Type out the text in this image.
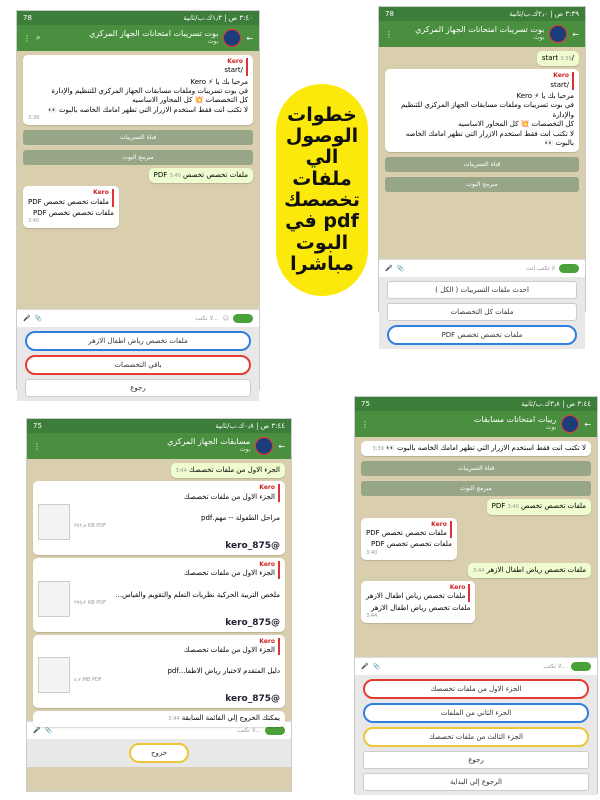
خطوات الوصول الي ملفات تخصصك pdf في البوت مباشرا
78	٣:٤٠ ص | ١٫٣ك.ب/ثانية
⋮ ⌕	بوت تسريبات امتحانات الجهاز المركزي
بوت	←
Kero
/start
مرحبا بك يا ⚡ Kero
في بوت تسريبات وملفات مسابقات الجهاز المركزي للتنظيم والإدارة
كل التخصصات 💥 كل المحاور الاساسيه
لا تكتب انت فقط استخدم الازرار التي تظهر امامك الخاصه بالبوت 👀
3:39
قناة التسريبات
مبرمج البوت
ملفات تخصص تخصص PDF 3:40
Kero
ملفات تخصص تخصص PDF
ملفات تخصص تخصص PDF
3:40
🎤 📎	لا تكتب... ☺
ملفات تخصص رياض اطفال الازهر
باقي التخصصات
رجوع
78	٣:٣٩ ص | ٢٫٠ك.ب/ثانية
⋮	بوت تسريبات امتحانات الجهاز المركزي
بوت	←
/start 3:39
Kero
/start
مرحبا بك يا ⚡ Kero
في بوت تسريبات وملفات مسابقات الجهاز المركزي للتنظيم والإدارة
كل التخصصات 💥 كل المحاور الاساسيه
لا تكتب انت فقط استخدم الازرار التي تظهر امامك الخاصه بالبوت 👀
قناة التسريبات
مبرمج البوت
🎤 📎	لا تكتب انت
احدث ملفات التسريبات ( الكل )
ملفات كل التخصصات
ملفات تخصص تخصص PDF
75	٣:٤٤ ص | ٠٫٨ك.ب/ثانية
⋮	مسابقات الجهاز المركزي
بوت	←
الجزء الاول من ملفات تخصصك 3:44
Kero
الجزء الاول من ملفات تخصصك
مراحل الطفولة -- مهم.pdf
٣٨٢٫٨ KB PDF
@kero_875
Kero
الجزء الاول من ملفات تخصصك
ملخص التربية الحركية نظريات التعلم والتقويم والقياس...
٣٧٥٫٢ KB PDF
@kero_875
Kero
الجزء الاول من ملفات تخصصك
دليل المتقدم لاختبار رياض الاطفا...pdf
٤٫٧ MB PDF
@kero_875
يمكنك الخروج إلي القائمة السابقة 3:44
🎤 📎	لا تكتب...
خروج
75	٣:٤٤ ص | ٣٫٨ك.ب/ثانية
⋮	ريبات امتحانات مسابقات
بوت	←
لا تكتب انت فقط استخدم الازرار التي تظهر امامك الخاصه بالبوت 👀 3:39
قناة التسريبات
مبرمج البوت
ملفات تخصص تخصص PDF 3:40
Kero
ملفات تخصص تخصص PDF
ملفات تخصص تخصص PDF
3:40
ملفات تخصص رياض اطفال الازهر 3:44
Kero
ملفات تخصص رياض اطفال الازهر
ملفات تخصص رياض اطفال الازهر
3:44
🎤 📎	لا تكتب...
الجزء الاول من ملفات تخصصك
الجزء الثاني من الملفات
الجزء الثالث من ملفات تخصصك
رجوع
الرجوع إلي البداية
